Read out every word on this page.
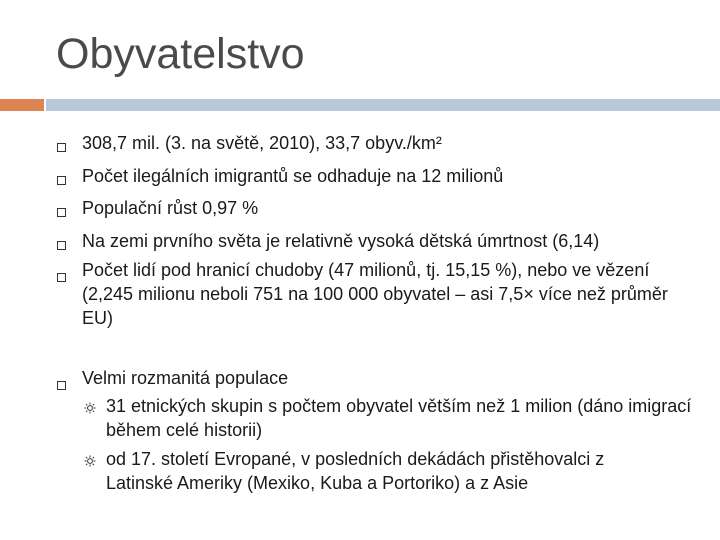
Obyvatelstvo
308,7 mil. (3. na světě, 2010), 33,7 obyv./km²
Počet ilegálních imigrantů se odhaduje na 12 milionů
Populační růst 0,97 %
Na zemi prvního světa je relativně vysoká dětská úmrtnost (6,14)
Počet lidí pod hranicí chudoby (47 milionů, tj. 15,15 %), nebo ve vězení (2,245 milionu neboli 751 na 100 000 obyvatel – asi 7,5× více než průměr EU)
Velmi rozmanitá populace
31 etnických skupin s počtem obyvatel větším než 1 milion (dáno imigrací během celé historii)
od 17. století Evropané, v posledních dekádách přistěhovalci z Latinské Ameriky (Mexiko, Kuba a Portoriko) a z Asie
